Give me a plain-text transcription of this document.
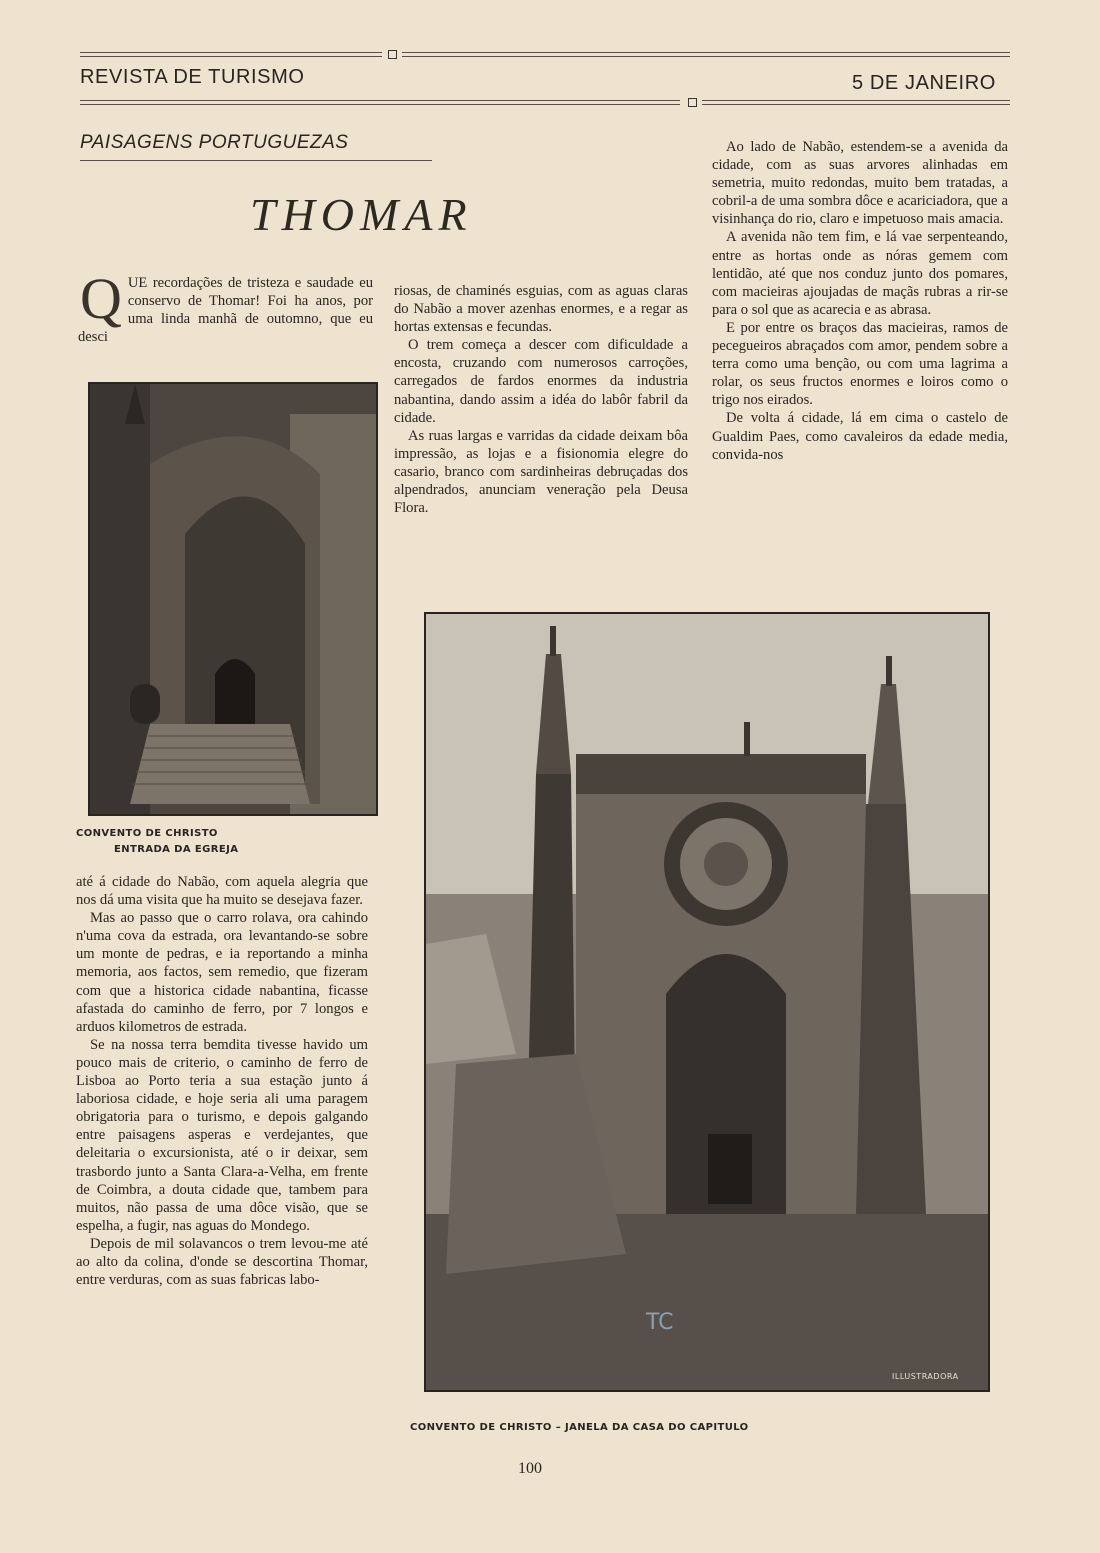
REVISTA DE TURISMO	5 DE JANEIRO
PAISAGENS PORTUGUEZAS
THOMAR

QUE recordações de tristeza e saudade eu conservo de Thomar! Foi ha anos, por uma linda manhã de outomno, que eu desci

CONVENTO DE CHRISTO
ENTRADA DA EGREJA

até á cidade do Nabão, com aquela alegria que nos dá uma visita que ha muito se desejava fazer.

Mas ao passo que o carro rolava, ora cahindo n'uma cova da estrada, ora levantando-se sobre um monte de pedras, e ia reportando a minha memoria, aos factos, sem remedio, que fizeram com que a historica cidade nabantina, ficasse afastada do caminho de ferro, por 7 longos e arduos kilometros de estrada.

Se na nossa terra bemdita tivesse havido um pouco mais de criterio, o caminho de ferro de Lisboa ao Porto teria a sua estação junto á laboriosa cidade, e hoje seria ali uma paragem obrigatoria para o turismo, e depois galgando entre paisagens asperas e verdejantes, que deleitaria o excursionista, até o ir deixar, sem trasbordo junto a Santa Clara-a-Velha, em frente de Coimbra, a douta cidade que, tambem para muitos, não passa de uma dôce visão, que se espelha, a fugir, nas aguas do Mondego.

Depois de mil solavancos o trem levou-me até ao alto da colina, d'onde se descortina Thomar, entre verduras, com as suas fabricas labo-

riosas, de chaminés esguias, com as aguas claras do Nabão a mover azenhas enormes, e a regar as hortas extensas e fecundas.

O trem começa a descer com dificuldade a encosta, cruzando com numerosos carroções, carregados de fardos enormes da industria nabantina, dando assim a idéa do labôr fabril da cidade.

As ruas largas e varridas da cidade deixam bôa impressão, as lojas e a fisionomia elegre do casario, branco com sardinheiras debruçadas dos alpendrados, anunciam veneração pela Deusa Flora.

Ao lado de Nabão, estendem-se a avenida da cidade, com as suas arvores alinhadas em semetria, muito redondas, muito bem tratadas, a cobril-a de uma sombra dôce e acariciadora, que a visinhança do rio, claro e impetuoso mais amacia.

A avenida não tem fim, e lá vae serpenteando, entre as hortas onde as nóras gemem com lentidão, até que nos conduz junto dos pomares, com macieiras ajoujadas de maçãs rubras a rir-se para o sol que as acarecia e as abrasa.

E por entre os braços das macieiras, ramos de pecegueiros abraçados com amor, pendem sobre a terra como uma benção, ou com uma lagrima a rolar, os seus fructos enormes e loiros como o trigo nos eirados.

De volta á cidade, lá em cima o castelo de Gualdim Paes, como cavaleiros da edade media, convida-nos

ILLUSTRADORA
TC
CONVENTO DE CHRISTO – JANELA DA CASA DO CAPITULO
100
